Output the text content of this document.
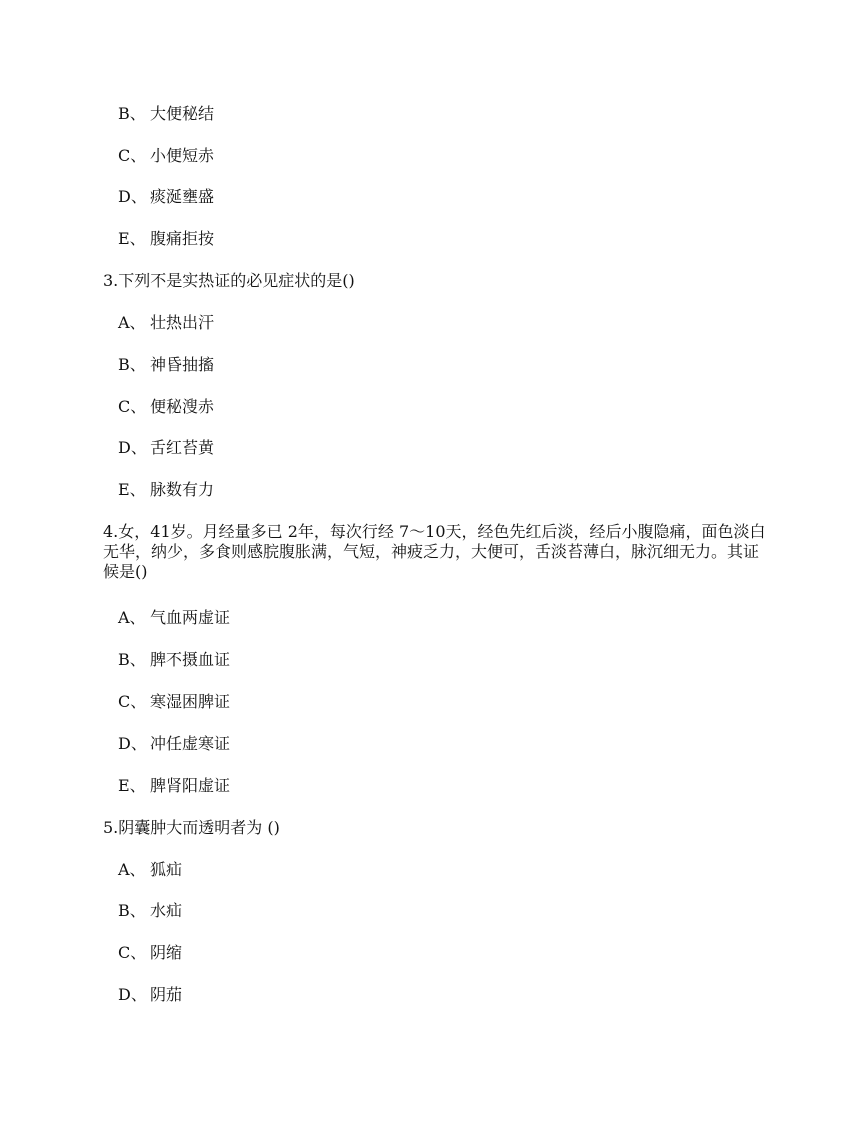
B、 大便秘结
C、 小便短赤
D、 痰涎壅盛
E、 腹痛拒按
3.下列不是实热证的必见症状的是()
A、 壮热出汗
B、 神昏抽搐
C、 便秘溲赤
D、 舌红苔黄
E、 脉数有力
4.女，41岁。月经量多已 2年，每次行经 7～10天，经色先红后淡，经后小腹隐痛，面色淡白无华，纳少，多食则感脘腹胀满，气短，神疲乏力，大便可，舌淡苔薄白，脉沉细无力。其证候是()
A、 气血两虚证
B、 脾不摄血证
C、 寒湿困脾证
D、 冲任虚寒证
E、 脾肾阳虚证
5.阴囊肿大而透明者为 ()
A、 狐疝
B、 水疝
C、 阴缩
D、 阴茄
